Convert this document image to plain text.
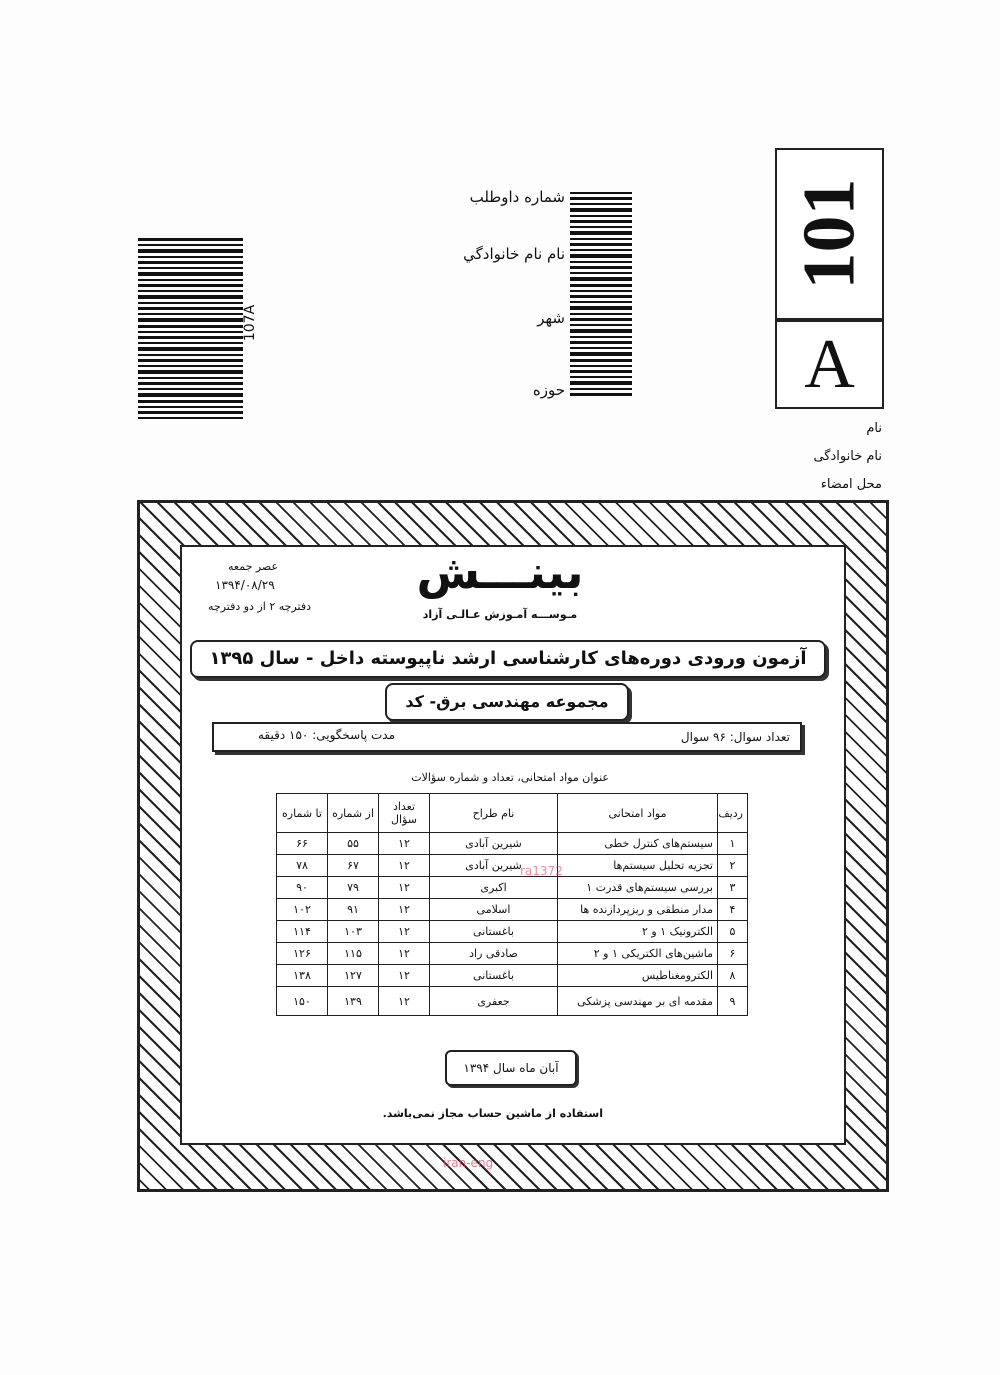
107A
شماره داوطلب
نام نام خانوادگي
شهر
حوزه
101
A
نام
نام خانوادگی
محل امضاء
عصر جمعه
۱۳۹۴/۰۸/۲۹
دفترچه ۲ از دو دفترچه
بینـــش
مـوســـه آمـوزش عـالـی آزاد
آزمون ورودی دوره‌های کارشناسی ارشد ناپیوسته داخل - سال ۱۳۹۵
مجموعه مهندسی برق- کد
تعداد سوال: ۹۶ سوال
مدت پاسخگویی: ۱۵۰ دقیقه
عنوان مواد امتحانی، تعداد و شماره سؤالات
ردیف	مواد امتحانی	نام طراح	تعداد سؤال	از شماره	تا شماره
۱	سیستم‌های کنترل خطی	شیرین آبادی	۱۲	۵۵	۶۶
۲	تجزیه تحلیل سیستم‌ها	شیرین آبادی	۱۲	۶۷	۷۸
۳	بررسی سیستم‌های قدرت ۱	اکبری	۱۲	۷۹	۹۰
۴	مدار منطقی و ریزپردازنده ها	اسلامی	۱۲	۹۱	۱۰۲
۵	الکترونیک ۱ و ۲	باغستانی	۱۲	۱۰۳	۱۱۴
۶	ماشین‌های الکتریکی ۱ و ۲	صادقی راد	۱۲	۱۱۵	۱۲۶
۸	الکترومغناطیس	باغستانی	۱۲	۱۲۷	۱۳۸
۹	مقدمه ای بر مهندسی پزشکی	جعفری	۱۲	۱۳۹	۱۵۰
ra1372
آبان ماه سال ۱۳۹۴
استفاده از ماشین حساب مجاز نمی‌باشد.
iran-eng
